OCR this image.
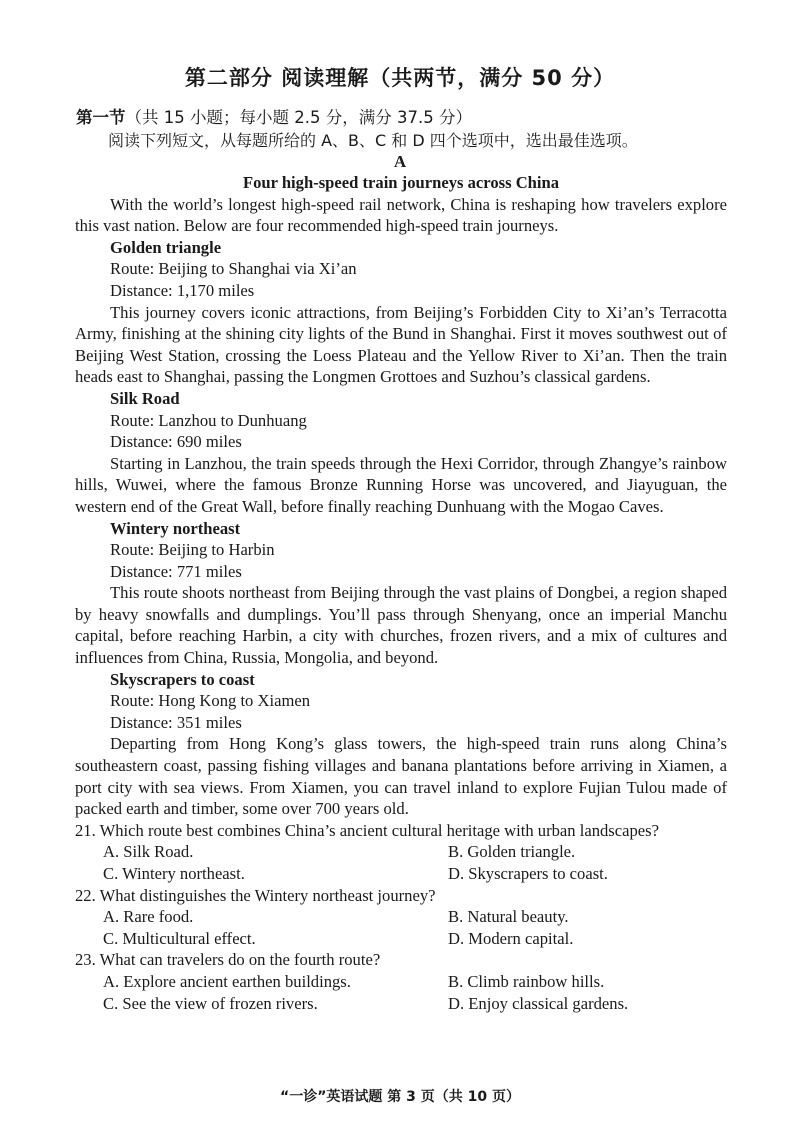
第二部分 阅读理解（共两节，满分 50 分）
第一节（共 15 小题；每小题 2.5 分，满分 37.5 分）
阅读下列短文，从每题所给的 A、B、C 和 D 四个选项中，选出最佳选项。
A

Four high-speed train journeys across China

With the world’s longest high-speed rail network, China is reshaping how travelers explore this vast nation. Below are four recommended high-speed train journeys.

Golden triangle

Route: Beijing to Shanghai via Xi’an

Distance: 1,170 miles

This journey covers iconic attractions, from Beijing’s Forbidden City to Xi’an’s Terracotta Army, finishing at the shining city lights of the Bund in Shanghai. First it moves southwest out of Beijing West Station, crossing the Loess Plateau and the Yellow River to Xi’an. Then the train heads east to Shanghai, passing the Longmen Grottoes and Suzhou’s classical gardens.

Silk Road

Route: Lanzhou to Dunhuang

Distance: 690 miles

Starting in Lanzhou, the train speeds through the Hexi Corridor, through Zhangye’s rainbow hills, Wuwei, where the famous Bronze Running Horse was uncovered, and Jiayuguan, the western end of the Great Wall, before finally reaching Dunhuang with the Mogao Caves.

Wintery northeast

Route: Beijing to Harbin

Distance: 771 miles

This route shoots northeast from Beijing through the vast plains of Dongbei, a region shaped by heavy snowfalls and dumplings. You’ll pass through Shenyang, once an imperial Manchu capital, before reaching Harbin, a city with churches, frozen rivers, and a mix of cultures and influences from China, Russia, Mongolia, and beyond.

Skyscrapers to coast

Route: Hong Kong to Xiamen

Distance: 351 miles

Departing from Hong Kong’s glass towers, the high-speed train runs along China’s southeastern coast, passing fishing villages and banana plantations before arriving in Xiamen, a port city with sea views. From Xiamen, you can travel inland to explore Fujian Tulou made of packed earth and timber, some over 700 years old.

21. Which route best combines China’s ancient cultural heritage with urban landscapes?

A. Silk Road.	B. Golden triangle.
C. Wintery northeast.	D. Skyscrapers to coast.

22. What distinguishes the Wintery northeast journey?

A. Rare food.	B. Natural beauty.
C. Multicultural effect.	D. Modern capital.

23. What can travelers do on the fourth route?

A. Explore ancient earthen buildings.	B. Climb rainbow hills.
C. See the view of frozen rivers.	D. Enjoy classical gardens.
“一诊”英语试题 第 3 页（共 10 页）
